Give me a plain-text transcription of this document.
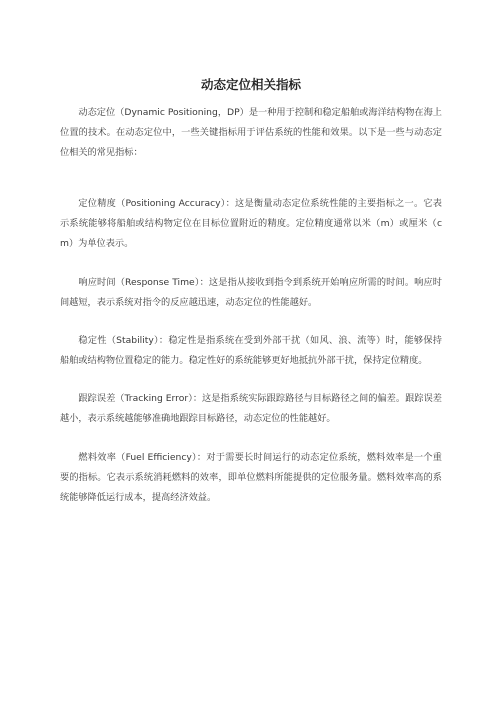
动态定位相关指标

动态定位（Dynamic Positioning，DP）是一种用于控制和稳定船舶或海洋结构物在海上位置的技术。在动态定位中，一些关键指标用于评估系统的性能和效果。以下是一些与动态定位相关的常见指标：

定位精度（Positioning Accuracy）：这是衡量动态定位系统性能的主要指标之一。它表示系统能够将船舶或结构物定位在目标位置附近的精度。定位精度通常以米（m）或厘米（cm）为单位表示。

响应时间（Response Time）：这是指从接收到指令到系统开始响应所需的时间。响应时间越短，表示系统对指令的反应越迅速，动态定位的性能越好。

稳定性（Stability）：稳定性是指系统在受到外部干扰（如风、浪、流等）时，能够保持船舶或结构物位置稳定的能力。稳定性好的系统能够更好地抵抗外部干扰，保持定位精度。

跟踪误差（Tracking Error）：这是指系统实际跟踪路径与目标路径之间的偏差。跟踪误差越小，表示系统越能够准确地跟踪目标路径，动态定位的性能越好。

燃料效率（Fuel Efficiency）：对于需要长时间运行的动态定位系统，燃料效率是一个重要的指标。它表示系统消耗燃料的效率，即单位燃料所能提供的定位服务量。燃料效率高的系统能够降低运行成本，提高经济效益。
